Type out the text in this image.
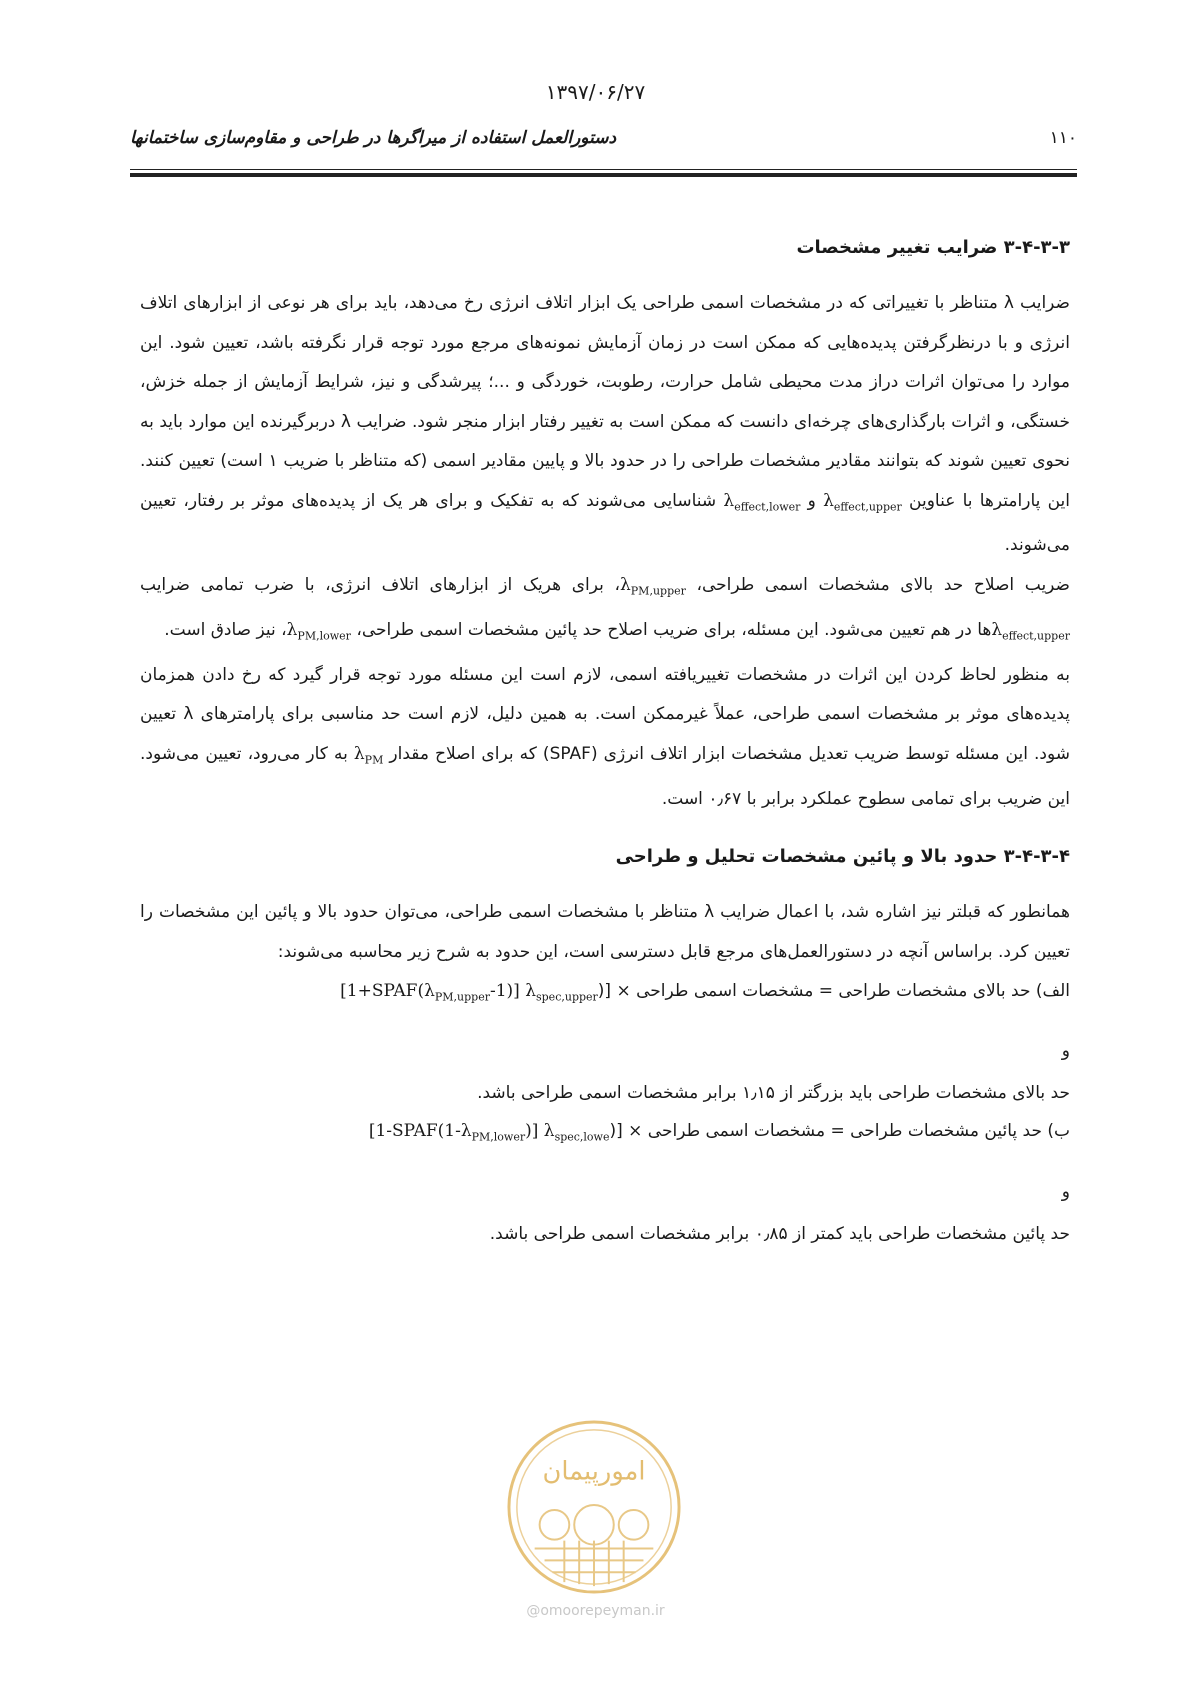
۱۳۹۷/۰۶/۲۷
دستورالعمل استفاده از میراگرها در طراحی و مقاوم‌سازی ساختمانها	۱۱۰
۳-۴-۳-۳ ضرایب تغییر مشخصات

ضرایب λ متناظر با تغییراتی که در مشخصات اسمی طراحی یک ابزار اتلاف انرژی رخ می‌دهد، باید برای هر نوعی از ابزارهای اتلاف انرژی و با درنظرگرفتن پدیده‌هایی که ممکن است در زمان آزمایش نمونه‌های مرجع مورد توجه قرار نگرفته باشد، تعیین شود. این موارد را می‌توان اثرات دراز مدت محیطی شامل حرارت، رطوبت، خوردگی و ...؛ پیرشدگی و نیز، شرایط آزمایش از جمله خزش، خستگی، و اثرات بارگذاری‌های چرخه‌ای دانست که ممکن است به تغییر رفتار ابزار منجر شود. ضرایب λ دربرگیرنده این موارد باید به نحوی تعیین شوند که بتوانند مقادیر مشخصات طراحی را در حدود بالا و پایین مقادیر اسمی (که متناظر با ضریب ۱ است) تعیین کنند. این پارامترها با عناوین $\lambda_{effect,upper}$ و $\lambda_{effect,lower}$ شناسایی می‌شوند که به تفکیک و برای هر یک از پدیده‌های موثر بر رفتار، تعیین می‌شوند.

ضریب اصلاح حد بالای مشخصات اسمی طراحی، $\lambda_{PM,upper}،$ برای هریک از ابزارهای اتلاف انرژی، با ضرب تمامی ضرایب $\lambda_{effect,upper}ها$ در هم تعیین می‌شود. این مسئله، برای ضریب اصلاح حد پائین مشخصات اسمی طراحی، $\lambda_{PM,lower}،$ نیز صادق است.

به منظور لحاظ کردن این اثرات در مشخصات تغییریافته اسمی، لازم است این مسئله مورد توجه قرار گیرد که رخ دادن همزمان پدیده‌های موثر بر مشخصات اسمی طراحی، عملاً غیرممکن است. به همین دلیل، لازم است حد مناسبی برای پارامترهای λ تعیین شود. این مسئله توسط ضریب تعدیل مشخصات ابزار اتلاف انرژی (SPAF) که برای اصلاح مقدار $\lambda_{PM}$ به کار می‌رود، تعیین می‌شود. این ضریب برای تمامی سطوح عملکرد برابر با ۰٫۶۷ است.

۳-۴-۳-۴ حدود بالا و پائین مشخصات تحلیل و طراحی

همانطور که قبلتر نیز اشاره شد، با اعمال ضرایب λ متناظر با مشخصات اسمی طراحی، می‌توان حدود بالا و پائین این مشخصات را تعیین کرد. براساس آنچه در دستورالعمل‌های مرجع قابل دسترسی است، این حدود به شرح زیر محاسبه می‌شوند:

الف) حد بالای مشخصات طراحی = مشخصات اسمی طراحی × [($[1+SPAF(\lambda_{PM,upper}-1)]$ $\lambda_{spec,upper}$

و

حد بالای مشخصات طراحی باید بزرگتر از ۱٫۱۵ برابر مشخصات اسمی طراحی باشد.

ب) حد پائین مشخصات طراحی = مشخصات اسمی طراحی × [($[1-SPAF(1-\lambda_{PM,lower})]$ $\lambda_{spec,lowe}$

و

حد پائین مشخصات طراحی باید کمتر از ۰٫۸۵ برابر مشخصات اسمی طراحی باشد.

امورپیمان
@omoorepeyman.ir
